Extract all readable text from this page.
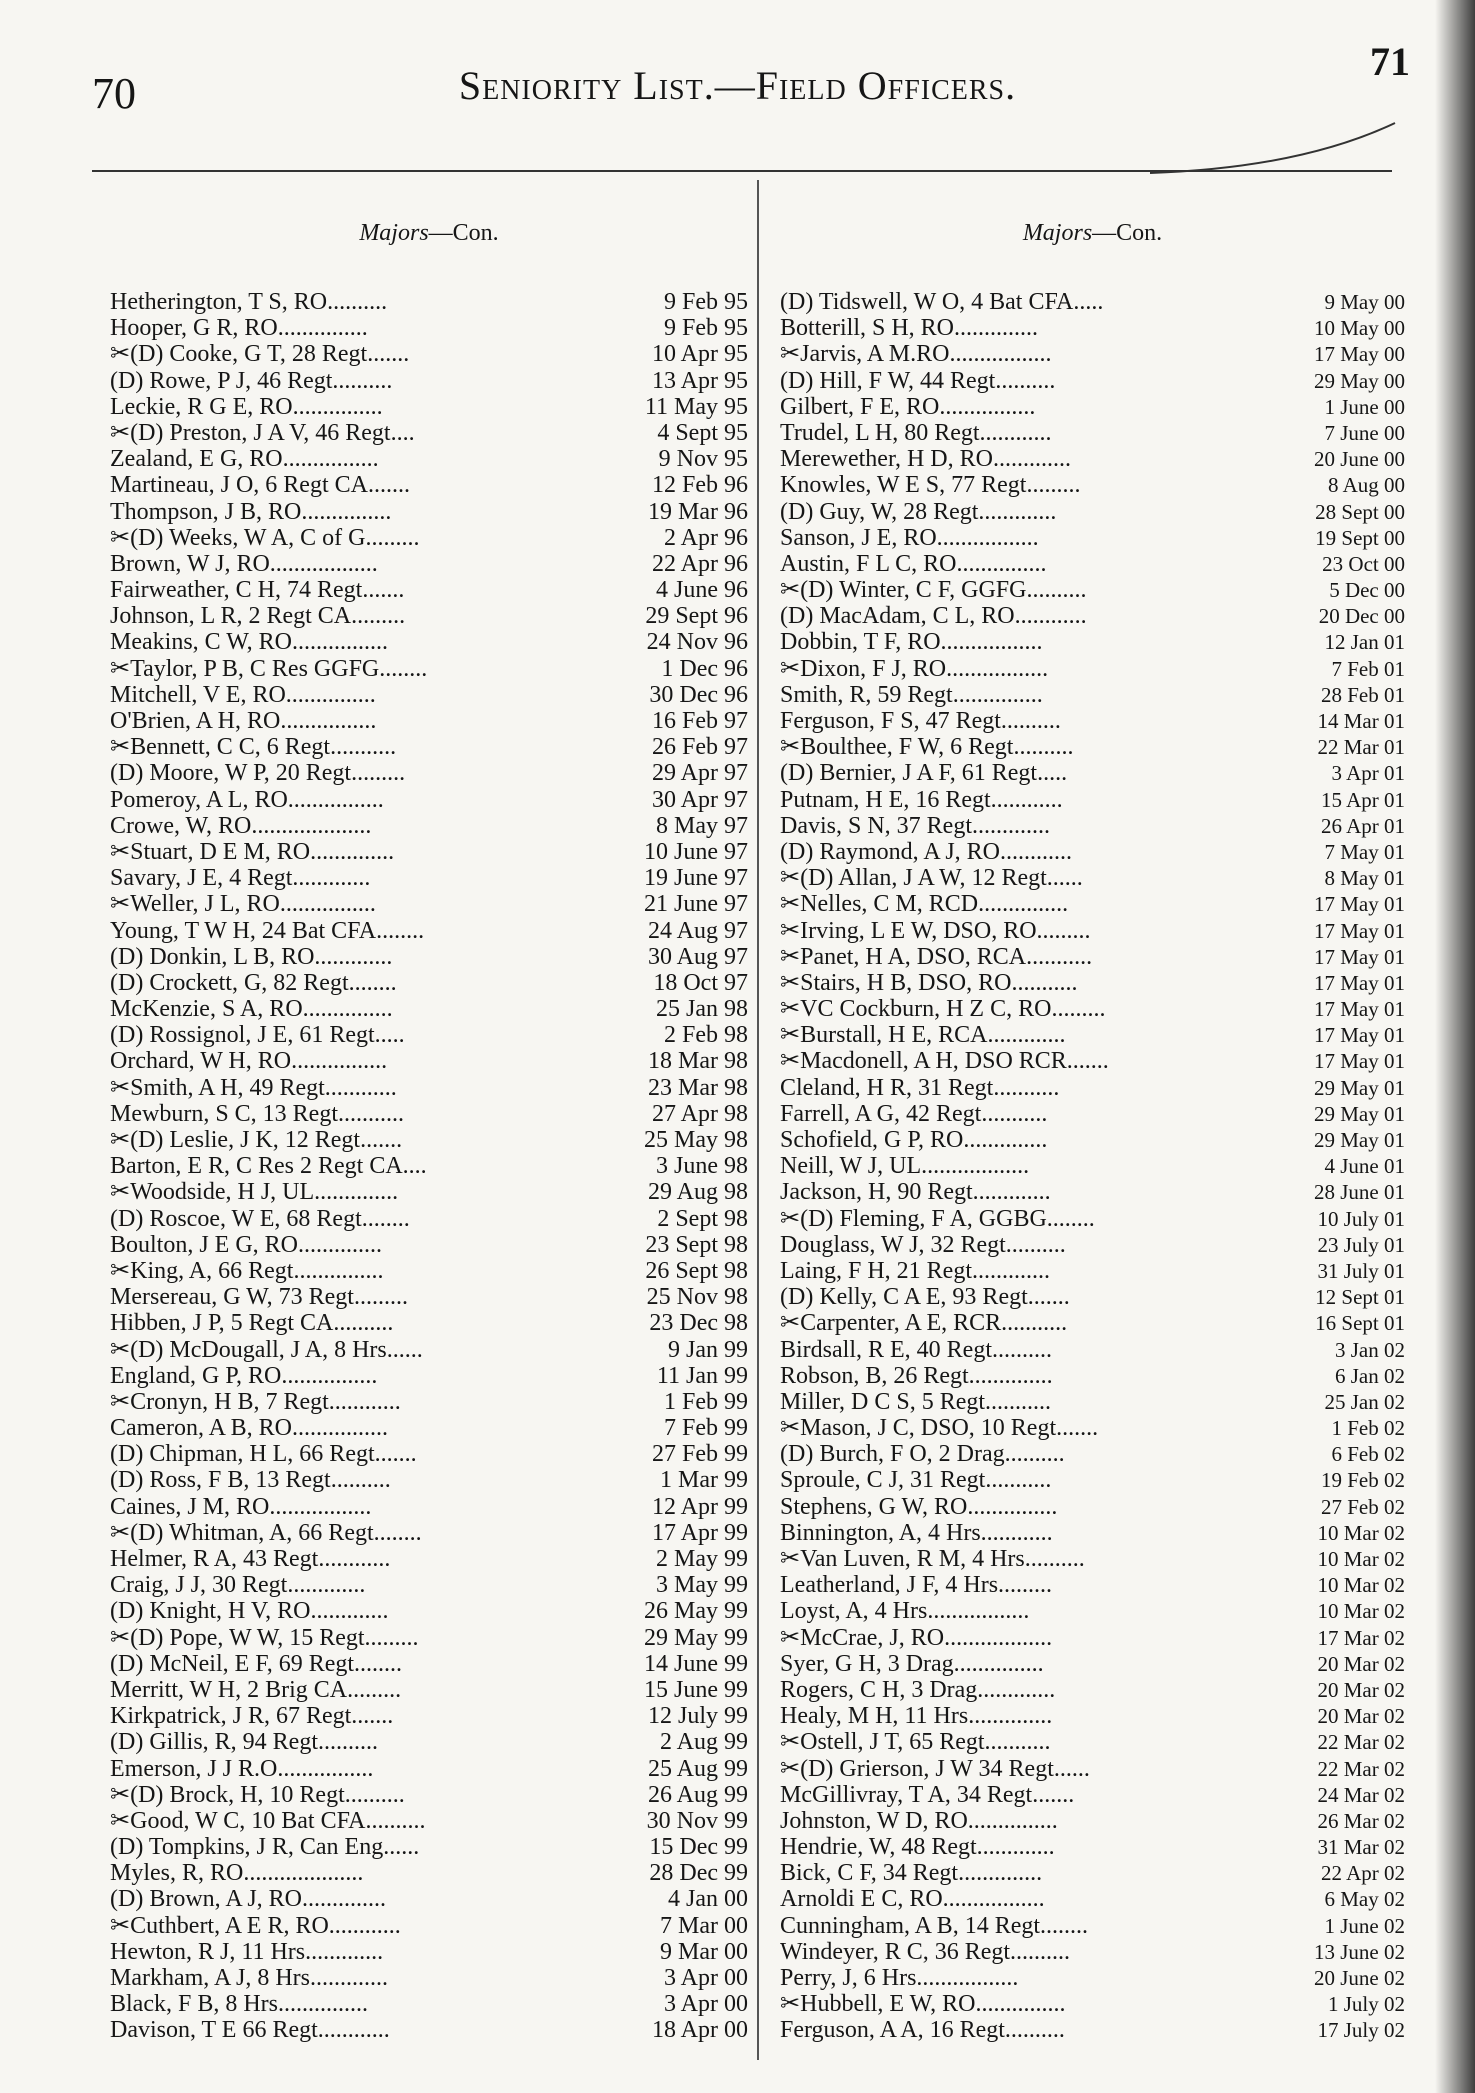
70
71
Seniority List.—Field Officers.
Majors—Con.
Hetherington, T S, RO..........	9 Feb 95
Hooper, G R, RO...............	9 Feb 95
✂(D) Cooke, G T, 28 Regt.......	10 Apr 95
(D) Rowe, P J, 46 Regt..........	13 Apr 95
Leckie, R G E, RO...............	11 May 95
✂(D) Preston, J A V, 46 Regt....	4 Sept 95
Zealand, E G, RO................	9 Nov 95
Martineau, J O, 6 Regt CA.......	12 Feb 96
Thompson, J B, RO...............	19 Mar 96
✂(D) Weeks, W A, C of G.........	2 Apr 96
Brown, W J, RO..................	22 Apr 96
Fairweather, C H, 74 Regt.......	4 June 96
Johnson, L R, 2 Regt CA.........	29 Sept 96
Meakins, C W, RO................	24 Nov 96
✂Taylor, P B, C Res GGFG........	1 Dec 96
Mitchell, V E, RO...............	30 Dec 96
O'Brien, A H, RO................	16 Feb 97
✂Bennett, C C, 6 Regt...........	26 Feb 97
(D) Moore, W P, 20 Regt.........	29 Apr 97
Pomeroy, A L, RO................	30 Apr 97
Crowe, W, RO....................	8 May 97
✂Stuart, D E M, RO..............	10 June 97
Savary, J E, 4 Regt.............	19 June 97
✂Weller, J L, RO................	21 June 97
Young, T W H, 24 Bat CFA........	24 Aug 97
(D) Donkin, L B, RO.............	30 Aug 97
(D) Crockett, G, 82 Regt........	18 Oct 97
McKenzie, S A, RO...............	25 Jan 98
(D) Rossignol, J E, 61 Regt.....	2 Feb 98
Orchard, W H, RO................	18 Mar 98
✂Smith, A H, 49 Regt............	23 Mar 98
Mewburn, S C, 13 Regt...........	27 Apr 98
✂(D) Leslie, J K, 12 Regt.......	25 May 98
Barton, E R, C Res 2 Regt CA....	3 June 98
✂Woodside, H J, UL..............	29 Aug 98
(D) Roscoe, W E, 68 Regt........	2 Sept 98
Boulton, J E G, RO..............	23 Sept 98
✂King, A, 66 Regt...............	26 Sept 98
Mersereau, G W, 73 Regt.........	25 Nov 98
Hibben, J P, 5 Regt CA..........	23 Dec 98
✂(D) McDougall, J A, 8 Hrs......	9 Jan 99
England, G P, RO................	11 Jan 99
✂Cronyn, H B, 7 Regt............	1 Feb 99
Cameron, A B, RO................	7 Feb 99
(D) Chipman, H L, 66 Regt.......	27 Feb 99
(D) Ross, F B, 13 Regt..........	1 Mar 99
Caines, J M, RO.................	12 Apr 99
✂(D) Whitman, A, 66 Regt........	17 Apr 99
Helmer, R A, 43 Regt............	2 May 99
Craig, J J, 30 Regt.............	3 May 99
(D) Knight, H V, RO.............	26 May 99
✂(D) Pope, W W, 15 Regt.........	29 May 99
(D) McNeil, E F, 69 Regt........	14 June 99
Merritt, W H, 2 Brig CA.........	15 June 99
Kirkpatrick, J R, 67 Regt.......	12 July 99
(D) Gillis, R, 94 Regt..........	2 Aug 99
Emerson, J J R.O................	25 Aug 99
✂(D) Brock, H, 10 Regt..........	26 Aug 99
✂Good, W C, 10 Bat CFA..........	30 Nov 99
(D) Tompkins, J R, Can Eng......	15 Dec 99
Myles, R, RO....................	28 Dec 99
(D) Brown, A J, RO..............	4 Jan 00
✂Cuthbert, A E R, RO............	7 Mar 00
Hewton, R J, 11 Hrs.............	9 Mar 00
Markham, A J, 8 Hrs.............	3 Apr 00
Black, F B, 8 Hrs...............	3 Apr 00
Davison, T E 66 Regt............	18 Apr 00
Majors—Con.
(D) Tidswell, W O, 4 Bat CFA.....	9 May 00
Botterill, S H, RO..............	10 May 00
✂Jarvis, A M.RO.................	17 May 00
(D) Hill, F W, 44 Regt..........	29 May 00
Gilbert, F E, RO................	1 June 00
Trudel, L H, 80 Regt............	7 June 00
Merewether, H D, RO.............	20 June 00
Knowles, W E S, 77 Regt.........	8 Aug 00
(D) Guy, W, 28 Regt.............	28 Sept 00
Sanson, J E, RO.................	19 Sept 00
Austin, F L C, RO...............	23 Oct 00
✂(D) Winter, C F, GGFG..........	5 Dec 00
(D) MacAdam, C L, RO............	20 Dec 00
Dobbin, T F, RO.................	12 Jan 01
✂Dixon, F J, RO.................	7 Feb 01
Smith, R, 59 Regt...............	28 Feb 01
Ferguson, F S, 47 Regt..........	14 Mar 01
✂Boulthee, F W, 6 Regt..........	22 Mar 01
(D) Bernier, J A F, 61 Regt.....	3 Apr 01
Putnam, H E, 16 Regt............	15 Apr 01
Davis, S N, 37 Regt.............	26 Apr 01
(D) Raymond, A J, RO............	7 May 01
✂(D) Allan, J A W, 12 Regt......	8 May 01
✂Nelles, C M, RCD...............	17 May 01
✂Irving, L E W, DSO, RO.........	17 May 01
✂Panet, H A, DSO, RCA...........	17 May 01
✂Stairs, H B, DSO, RO...........	17 May 01
✂VC Cockburn, H Z C, RO.........	17 May 01
✂Burstall, H E, RCA.............	17 May 01
✂Macdonell, A H, DSO RCR.......	17 May 01
Cleland, H R, 31 Regt...........	29 May 01
Farrell, A G, 42 Regt...........	29 May 01
Schofield, G P, RO..............	29 May 01
Neill, W J, UL..................	4 June 01
Jackson, H, 90 Regt.............	28 June 01
✂(D) Fleming, F A, GGBG........	10 July 01
Douglass, W J, 32 Regt..........	23 July 01
Laing, F H, 21 Regt.............	31 July 01
(D) Kelly, C A E, 93 Regt.......	12 Sept 01
✂Carpenter, A E, RCR...........	16 Sept 01
Birdsall, R E, 40 Regt..........	3 Jan 02
Robson, B, 26 Regt..............	6 Jan 02
Miller, D C S, 5 Regt...........	25 Jan 02
✂Mason, J C, DSO, 10 Regt.......	1 Feb 02
(D) Burch, F O, 2 Drag..........	6 Feb 02
Sproule, C J, 31 Regt...........	19 Feb 02
Stephens, G W, RO...............	27 Feb 02
Binnington, A, 4 Hrs............	10 Mar 02
✂Van Luven, R M, 4 Hrs..........	10 Mar 02
Leatherland, J F, 4 Hrs.........	10 Mar 02
Loyst, A, 4 Hrs.................	10 Mar 02
✂McCrae, J, RO..................	17 Mar 02
Syer, G H, 3 Drag...............	20 Mar 02
Rogers, C H, 3 Drag.............	20 Mar 02
Healy, M H, 11 Hrs..............	20 Mar 02
✂Ostell, J T, 65 Regt...........	22 Mar 02
✂(D) Grierson, J W 34 Regt......	22 Mar 02
McGillivray, T A, 34 Regt.......	24 Mar 02
Johnston, W D, RO...............	26 Mar 02
Hendrie, W, 48 Regt.............	31 Mar 02
Bick, C F, 34 Regt..............	22 Apr 02
Arnoldi E C, RO.................	6 May 02
Cunningham, A B, 14 Regt........	1 June 02
Windeyer, R C, 36 Regt..........	13 June 02
Perry, J, 6 Hrs.................	20 June 02
✂Hubbell, E W, RO...............	1 July 02
Ferguson, A A, 16 Regt..........	17 July 02
